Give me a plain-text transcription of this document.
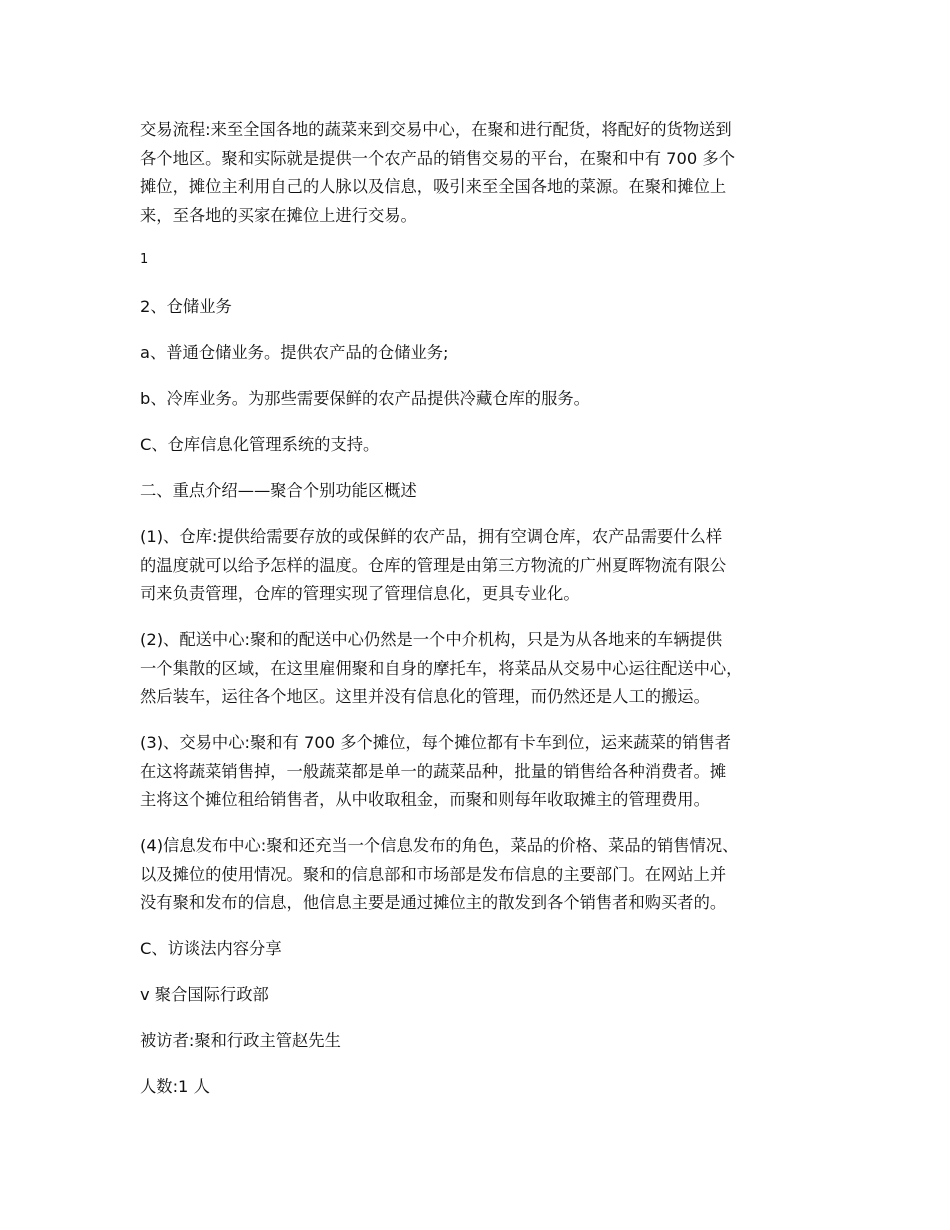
交易流程:来至全国各地的蔬菜来到交易中心，在聚和进行配货，将配好的货物送到
各个地区。聚和实际就是提供一个农产品的销售交易的平台，在聚和中有 700 多个
摊位，摊位主利用自己的人脉以及信息，吸引来至全国各地的菜源。在聚和摊位上
来，至各地的买家在摊位上进行交易。

1

2、仓储业务

a、普通仓储业务。提供农产品的仓储业务;

b、冷库业务。为那些需要保鲜的农产品提供冷藏仓库的服务。

C、仓库信息化管理系统的支持。

二、重点介绍——聚合个别功能区概述

(1)、仓库:提供给需要存放的或保鲜的农产品，拥有空调仓库，农产品需要什么样
的温度就可以给予怎样的温度。仓库的管理是由第三方物流的广州夏晖物流有限公
司来负责管理，仓库的管理实现了管理信息化，更具专业化。
(2)、配送中心:聚和的配送中心仍然是一个中介机构，只是为从各地来的车辆提供
一个集散的区域，在这里雇佣聚和自身的摩托车，将菜品从交易中心运往配送中心，
然后装车，运往各个地区。这里并没有信息化的管理，而仍然还是人工的搬运。
(3)、交易中心:聚和有 700 多个摊位，每个摊位都有卡车到位，运来蔬菜的销售者
在这将蔬菜销售掉，一般蔬菜都是单一的蔬菜品种，批量的销售给各种消费者。摊
主将这个摊位租给销售者，从中收取租金，而聚和则每年收取摊主的管理费用。
(4)信息发布中心:聚和还充当一个信息发布的角色，菜品的价格、菜品的销售情况、
以及摊位的使用情况。聚和的信息部和市场部是发布信息的主要部门。在网站上并
没有聚和发布的信息，他信息主要是通过摊位主的散发到各个销售者和购买者的。

C、访谈法内容分享

v 聚合国际行政部

被访者:聚和行政主管赵先生

人数:1 人
